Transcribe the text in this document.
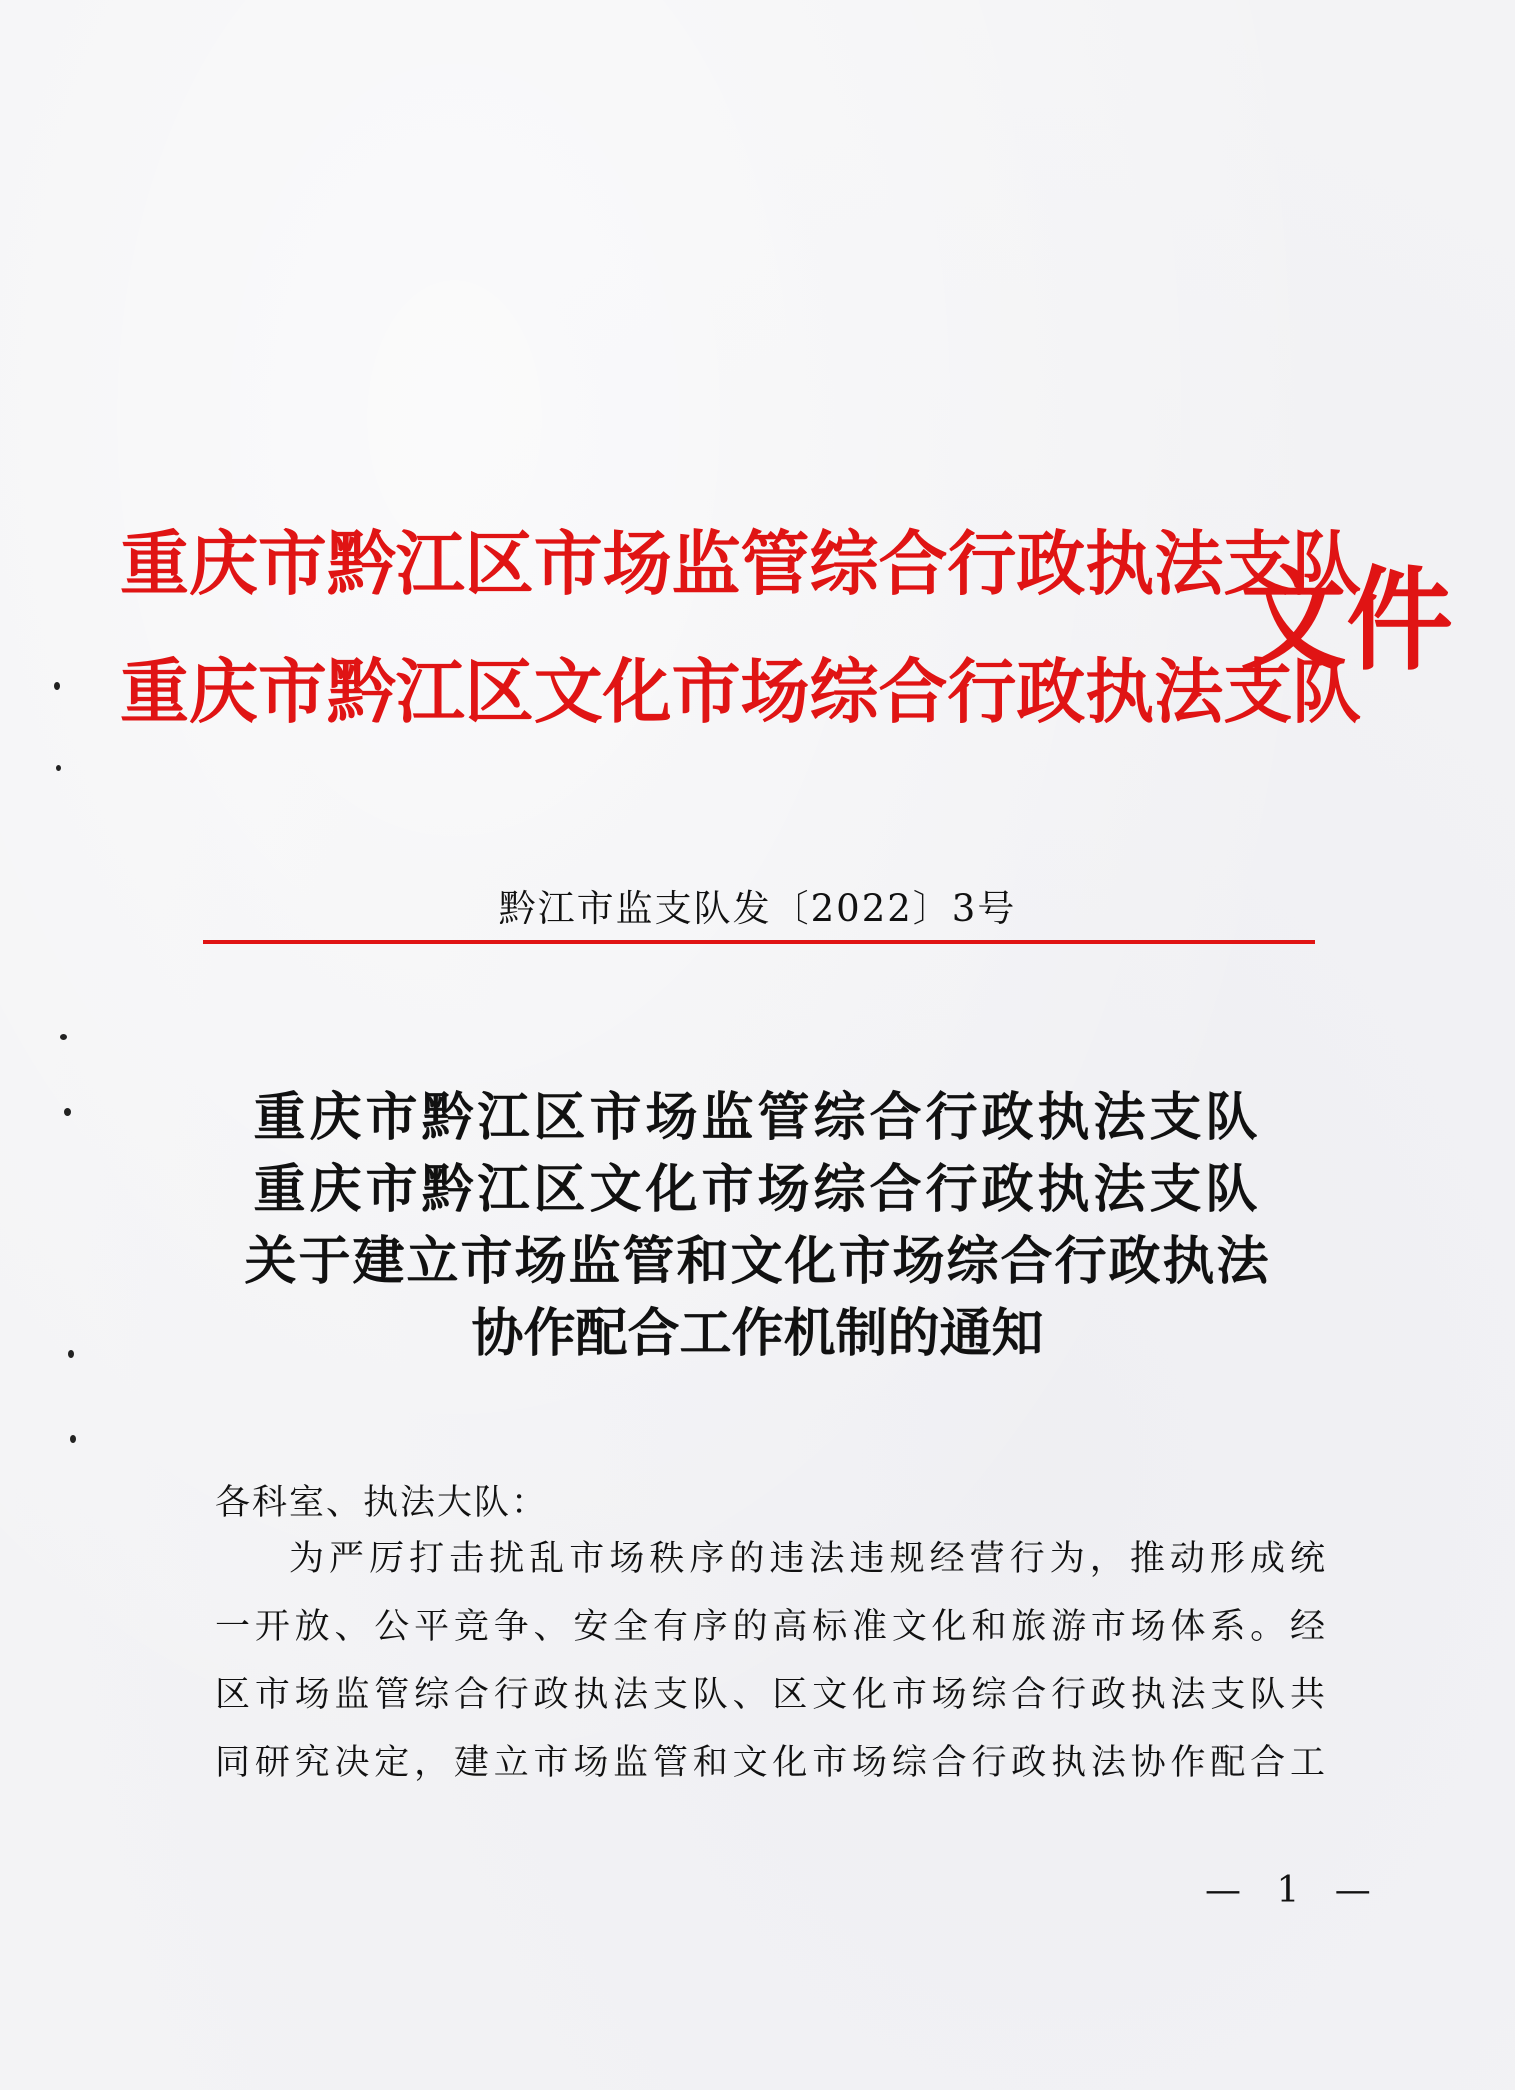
重庆市黔江区市场监管综合行政执法支队
重庆市黔江区文化市场综合行政执法支队
文件
黔江市监支队发〔2022〕3号
重庆市黔江区市场监管综合行政执法支队
重庆市黔江区文化市场综合行政执法支队
关于建立市场监管和文化市场综合行政执法
协作配合工作机制的通知
各科室、执法大队：
为严厉打击扰乱市场秩序的违法违规经营行为，推动形成统
一开放、公平竞争、安全有序的高标准文化和旅游市场体系。经
区市场监管综合行政执法支队、区文化市场综合行政执法支队共
同研究决定，建立市场监管和文化市场综合行政执法协作配合工
— 1 —
